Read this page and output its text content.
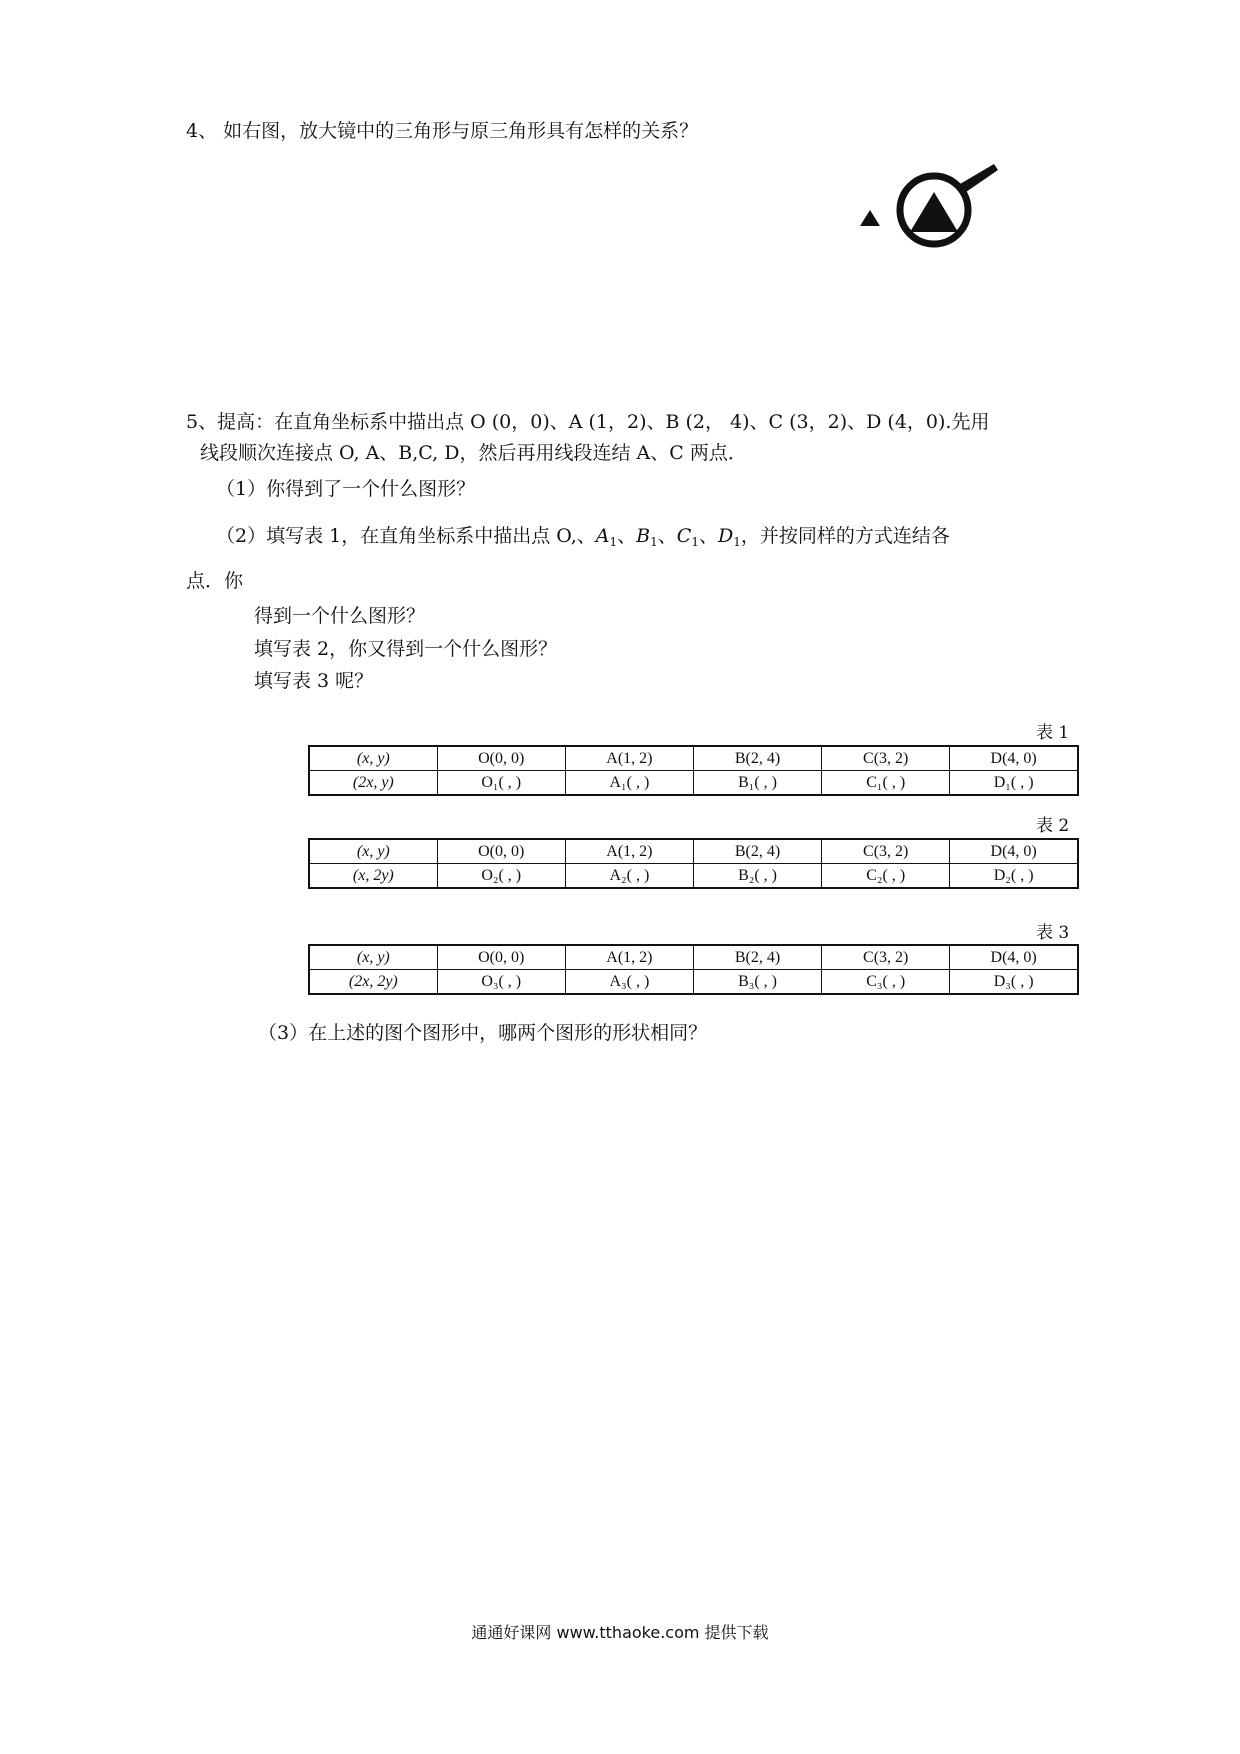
4、 如右图，放大镜中的三角形与原三角形具有怎样的关系？
5、提高：在直角坐标系中描出点 O (0，0)、A (1，2)、B (2， 4)、C (3，2)、D (4，0).先用
线段顺次连接点 O, A、B,C, D，然后再用线段连结 A、C 两点．
（1）你得到了一个什么图形？
（2）填写表 1，在直角坐标系中描出点 O,、$A_1$、$B_1$、$C_1$、$D_1$，并按同样的方式连结各
点．你
得到一个什么图形？
填写表 2，你又得到一个什么图形？
填写表 3 呢？
表 1
(x, y)	O(0, 0)	A(1, 2)	B(2, 4)	C(3, 2)	D(4, 0)
(2x, y)	O₁( , )	A₁( , )	B₁( , )	C₁( , )	D₁( , )
表 2
(x, y)	O(0, 0)	A(1, 2)	B(2, 4)	C(3, 2)	D(4, 0)
(x, 2y)	O₂( , )	A₂( , )	B₂( , )	C₂( , )	D₂( , )
表 3
(x, y)	O(0, 0)	A(1, 2)	B(2, 4)	C(3, 2)	D(4, 0)
(2x, 2y)	O₃( , )	A₃( , )	B₃( , )	C₃( , )	D₃( , )
（3）在上述的图个图形中，哪两个图形的形状相同？
通通好课网 www.tthaoke.com 提供下载
